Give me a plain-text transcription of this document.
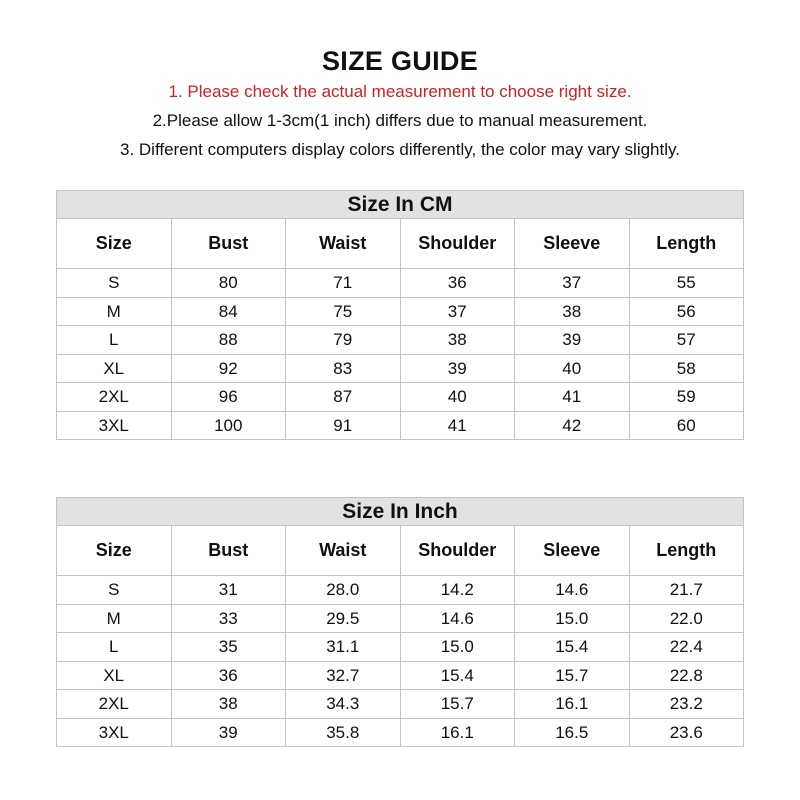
SIZE GUIDE
1. Please check the actual measurement to choose right size.
2.Please allow 1-3cm(1 inch) differs due to manual measurement.
3. Different computers display colors differently, the color may vary slightly.
Size In CM					
Size	Bust	Waist	Shoulder	Sleeve	Length
S	80	71	36	37	55
M	84	75	37	38	56
L	88	79	38	39	57
XL	92	83	39	40	58
2XL	96	87	40	41	59
3XL	100	91	41	42	60
Size In Inch					
Size	Bust	Waist	Shoulder	Sleeve	Length
S	31	28.0	14.2	14.6	21.7
M	33	29.5	14.6	15.0	22.0
L	35	31.1	15.0	15.4	22.4
XL	36	32.7	15.4	15.7	22.8
2XL	38	34.3	15.7	16.1	23.2
3XL	39	35.8	16.1	16.5	23.6
